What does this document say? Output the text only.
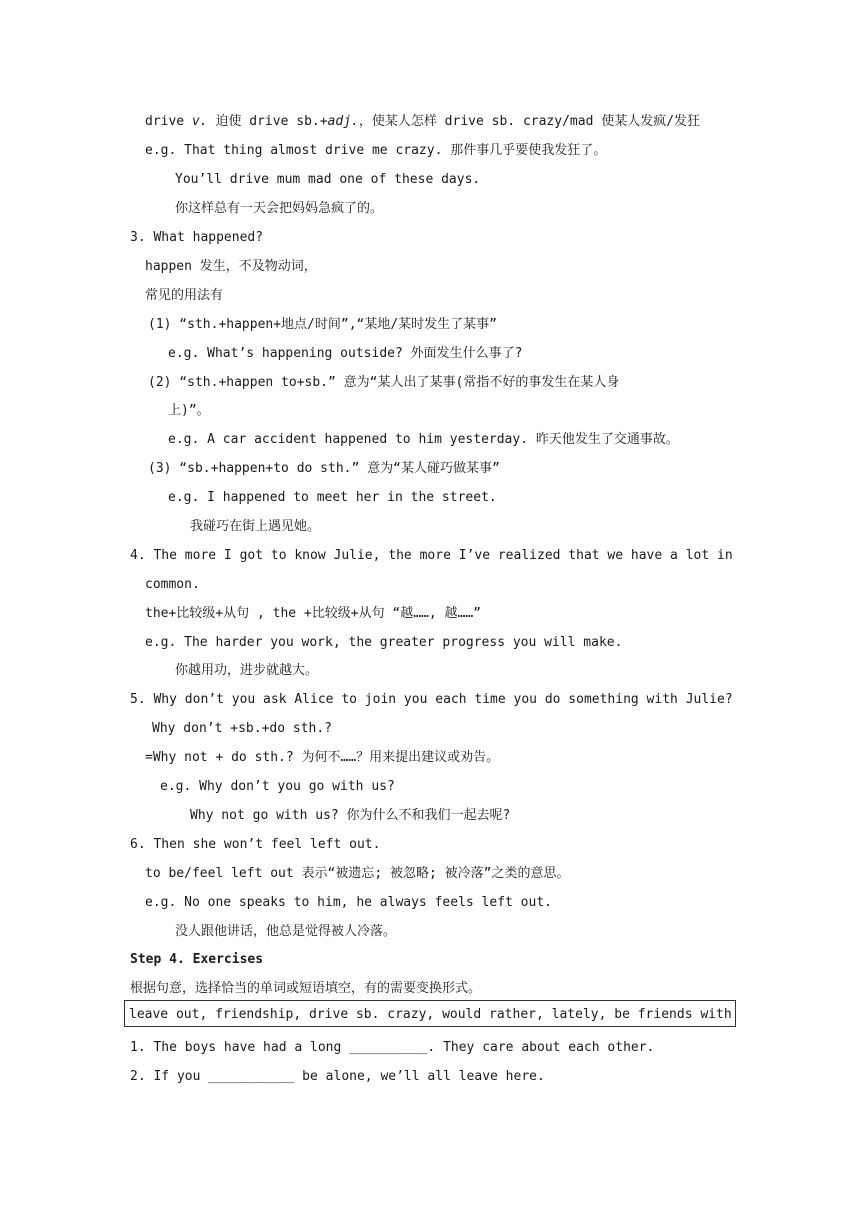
drive v. 迫使 drive sb.+adj.，使某人怎样 drive sb. crazy/mad 使某人发疯/发狂
e.g. That thing almost drive me crazy. 那件事几乎要使我发狂了。
You’ll drive mum mad one of these days.
你这样总有一天会把妈妈急疯了的。
3. What happened?
happen 发生，不及物动词，
常见的用法有
(1) “sth.+happen+地点/时间”,“某地/某时发生了某事”
e.g. What’s happening outside? 外面发生什么事了?
(2) “sth.+happen to+sb.” 意为“某人出了某事(常指不好的事发生在某人身
上)”。
e.g. A car accident happened to him yesterday. 昨天他发生了交通事故。
(3) “sb.+happen+to do sth.” 意为“某人碰巧做某事”
e.g. I happened to meet her in the street.
我碰巧在街上遇见她。
4. The more I got to know Julie, the more I’ve realized that we have a lot in
common.
the+比较级+从句 , the +比较级+从句 “越……, 越……”
e.g. The harder you work, the greater progress you will make.
你越用功，进步就越大。
5. Why don’t you ask Alice to join you each time you do something with Julie?
Why don’t +sb.+do sth.?
=Why not + do sth.? 为何不……？用来提出建议或劝告。
e.g. Why don’t you go with us?
Why not go with us? 你为什么不和我们一起去呢?
6. Then she won’t feel left out.
to be/feel left out 表示“被遗忘; 被忽略; 被冷落”之类的意思。
e.g. No one speaks to him, he always feels left out.
没人跟他讲话，他总是觉得被人冷落。
Step 4. Exercises
根据句意，选择恰当的单词或短语填空，有的需要变换形式。
leave out, friendship, drive sb. crazy, would rather, lately, be friends with
1. The boys have had a long __________. They care about each other.
2. If you ___________ be alone, we’ll all leave here.
